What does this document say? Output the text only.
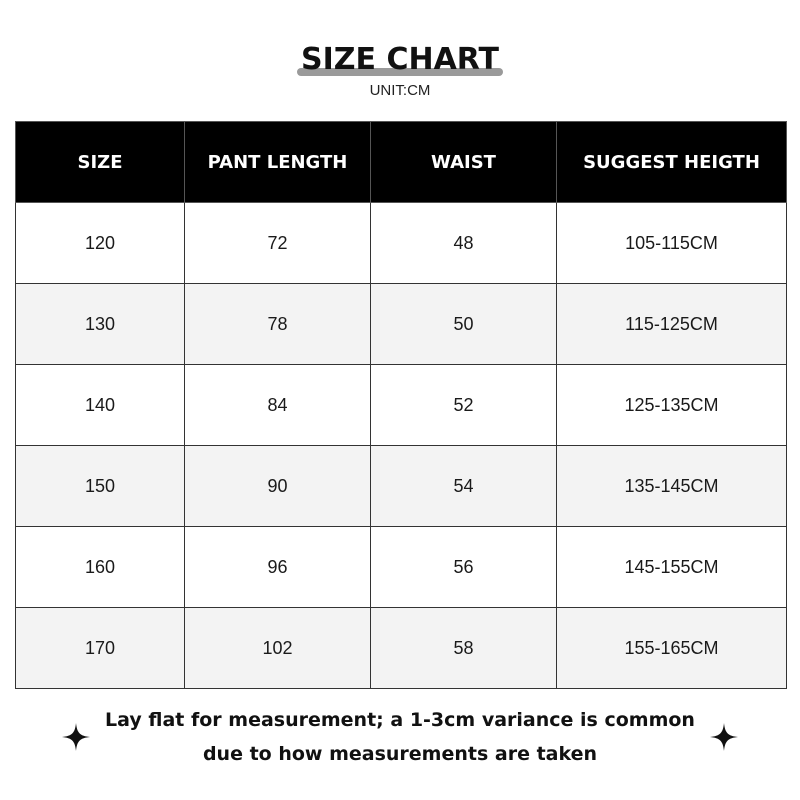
SIZE CHART
UNIT:CM
SIZE	PANT LENGTH	WAIST	SUGGEST HEIGTH
120	72	48	105-115CM
130	78	50	115-125CM
140	84	52	125-135CM
150	90	54	135-145CM
160	96	56	145-155CM
170	102	58	155-165CM
Lay flat for measurement; a 1-3cm variance is common
due to how measurements are taken
